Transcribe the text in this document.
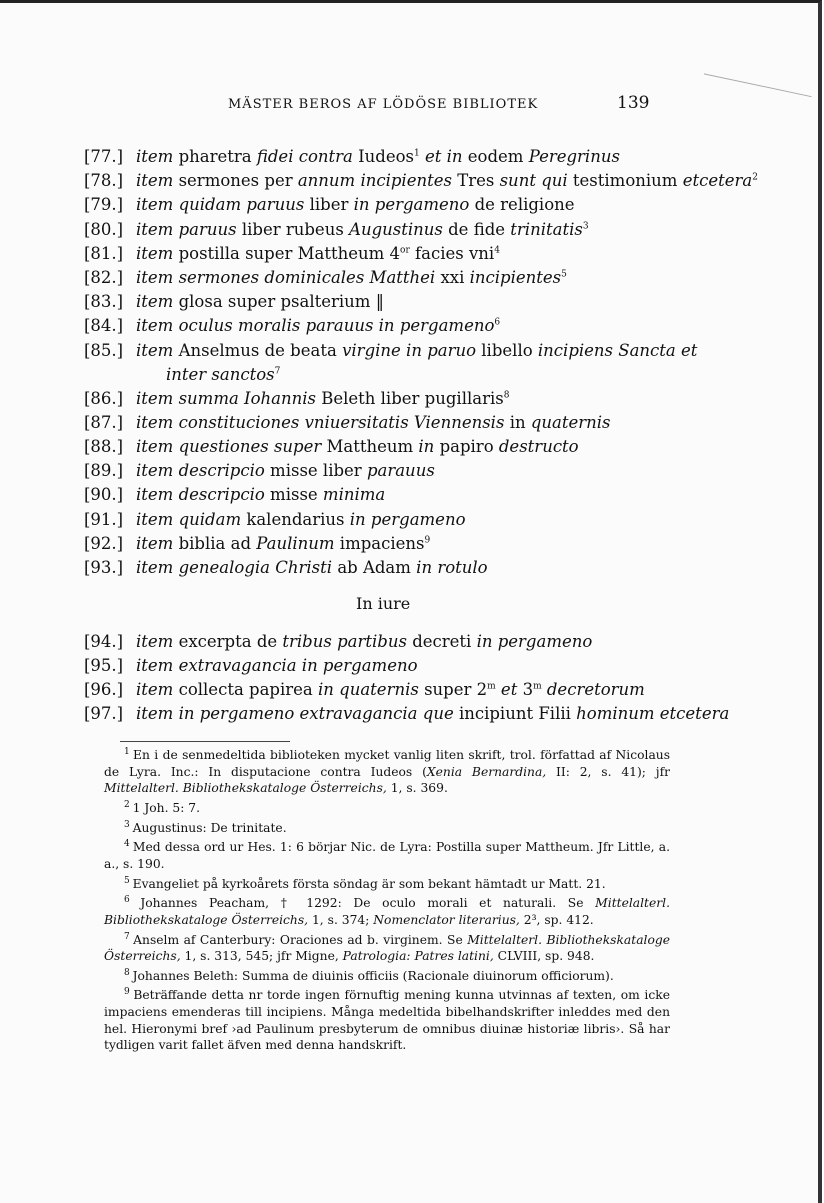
MÄSTER BEROS AF LÖDÖSE BIBLIOTEK	139
In iure

$^1$ En i de senmedeltida biblioteken mycket vanlig liten skrift, trol. författad af Nicolaus de Lyra. Inc.: In disputacione contra Iudeos (Xenia Bernardina, II: 2, s. 41); jfr Mittelalterl. Bibliothekskataloge Österreichs, 1, s. 369.

$^2$ 1 Joh. 5: 7.

$^3$ Augustinus: De trinitate.

$^4$ Med dessa ord ur Hes. 1: 6 börjar Nic. de Lyra: Postilla super Mattheum. Jfr Little, a. a., s. 190.

$^5$ Evangeliet på kyrkoårets första söndag är som bekant hämtadt ur Matt. 21.

$^6$ Johannes Peacham, † 1292: De oculo morali et naturali. Se Mittelalterl. Bibliothekskataloge Österreichs, 1, s. 374; Nomenclator literarius, 2³, sp. 412.

$^7$ Anselm af Canterbury: Oraciones ad b. virginem. Se Mittelalterl. Bibliothekskataloge Österreichs, 1, s. 313, 545; jfr Migne, Patrologia: Patres latini, CLVIII, sp. 948.

$^8$ Johannes Beleth: Summa de diuinis officiis (Racionale diuinorum officiorum).

$^9$ Beträffande detta nr torde ingen förnuftig mening kunna utvinnas af texten, om icke impaciens emenderas till incipiens. Många medeltida bibelhandskrifter inleddes med den hel. Hieronymi bref ›ad Paulinum presbyterum de omnibus diuinæ historiæ libris›. Så har tydligen varit fallet äfven med denna handskrift.

[77.] item pharetra fidei contra Iudeos$^1$ et in eodem Peregrinus
[78.] item sermones per annum incipientes Tres sunt qui testimonium etcetera$^2$
[79.] item quidam paruus liber in pergameno de religione
[80.] item paruus liber rubeus Augustinus de fide trinitatis$^3$
[81.] item postilla super Mattheum $4^{or}$ facies vni$^4$
[82.] item sermones dominicales Matthei xxi incipientes$^5$
[83.] item glosa super psalterium ‖
[84.] item oculus moralis parauus in pergameno$^6$
[85.] item Anselmus de beata virgine in paruo libello incipiens Sancta et
inter sanctos$^7$
[86.] item summa Iohannis Beleth liber pugillaris$^8$
[87.] item constituciones vniuersitatis Viennensis in quaternis
[88.] item questiones super Mattheum in papiro destructo
[89.] item descripcio misse liber parauus
[90.] item descripcio misse minima
[91.] item quidam kalendarius in pergameno
[92.] item biblia ad Paulinum impaciens$^9$
[93.] item genealogia Christi ab Adam in rotulo
[94.] item excerpta de tribus partibus decreti in pergameno
[95.] item extravagancia in pergameno
[96.] item collecta papirea in quaternis super 2$^m$ et 3$^m$ decretorum
[97.] item in pergameno extravagancia que incipiunt Filii hominum etcetera
